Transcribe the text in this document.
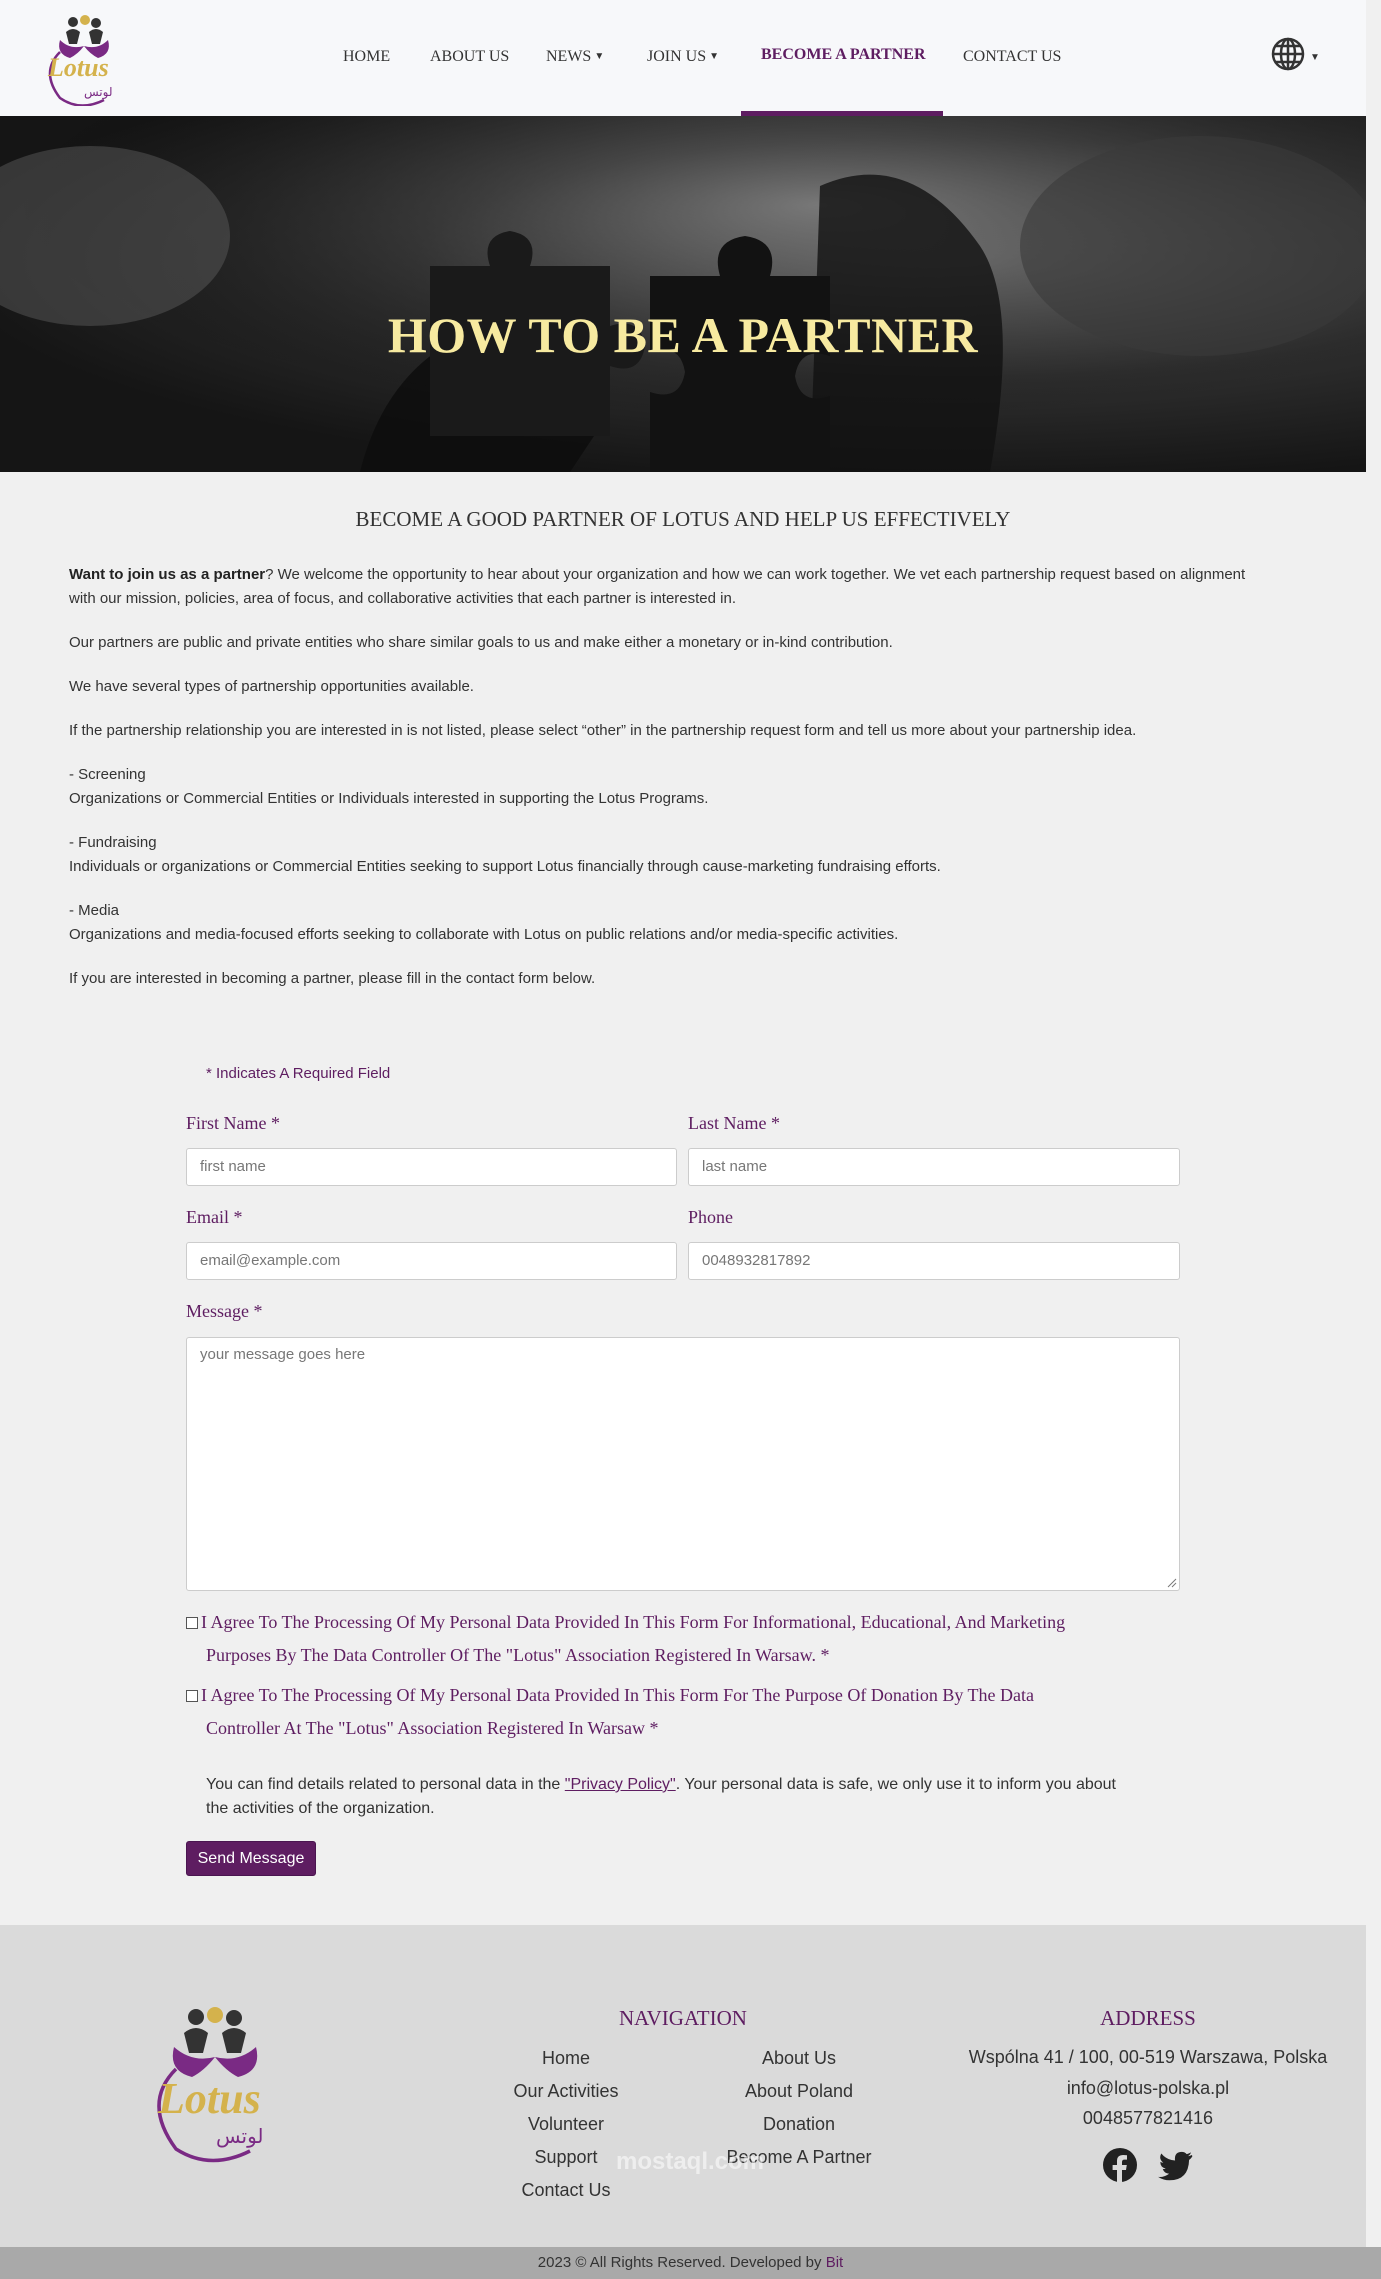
Lotus
لوتس
HOME ABOUT US NEWS ▼	JOIN US ▼	BECOME A PARTNER CONTACT US	▼
HOW TO BE A PARTNER
BECOME A GOOD PARTNER OF LOTUS AND HELP US EFFECTIVELY
Want to join us as a partner? We welcome the opportunity to hear about your organization and how we can work together. We vet each partnership request based on alignment with our mission, policies, area of focus, and collaborative activities that each partner is interested in.
Our partners are public and private entities who share similar goals to us and make either a monetary or in-kind contribution.
We have several types of partnership opportunities available.
If the partnership relationship you are interested in is not listed, please select “other” in the partnership request form and tell us more about your partnership idea.
- Screening
Organizations or Commercial Entities or Individuals interested in supporting the Lotus Programs.
- Fundraising
Individuals or organizations or Commercial Entities seeking to support Lotus financially through cause-marketing fundraising efforts.
- Media
Organizations and media-focused efforts seeking to collaborate with Lotus on public relations and/or media-specific activities.
If you are interested in becoming a partner, please fill in the contact form below.
* Indicates A Required Field
First Name *
first name
Last Name *
last name
Email *
email@example.com
Phone
0048932817892
Message *
your message goes here
I Agree To The Processing Of My Personal Data Provided In This Form For Informational, Educational, And Marketing
Purposes By The Data Controller Of The "Lotus" Association Registered In Warsaw. *
I Agree To The Processing Of My Personal Data Provided In This Form For The Purpose Of Donation By The Data
Controller At The "Lotus" Association Registered In Warsaw *
You can find details related to personal data in the "Privacy Policy". Your personal data is safe, we only use it to inform you about the activities of the organization.
Send Message
Lotus
لوتس
NAVIGATION
Home
Our Activities
Volunteer
Support
Contact Us
About Us
About Poland
Donation
Become A Partner
mostaql.com
ADDRESS
Wspólna 41 / 100, 00-519 Warszawa, Polska
info@lotus-polska.pl
0048577821416
2023 © All Rights Reserved. Developed by Bit
